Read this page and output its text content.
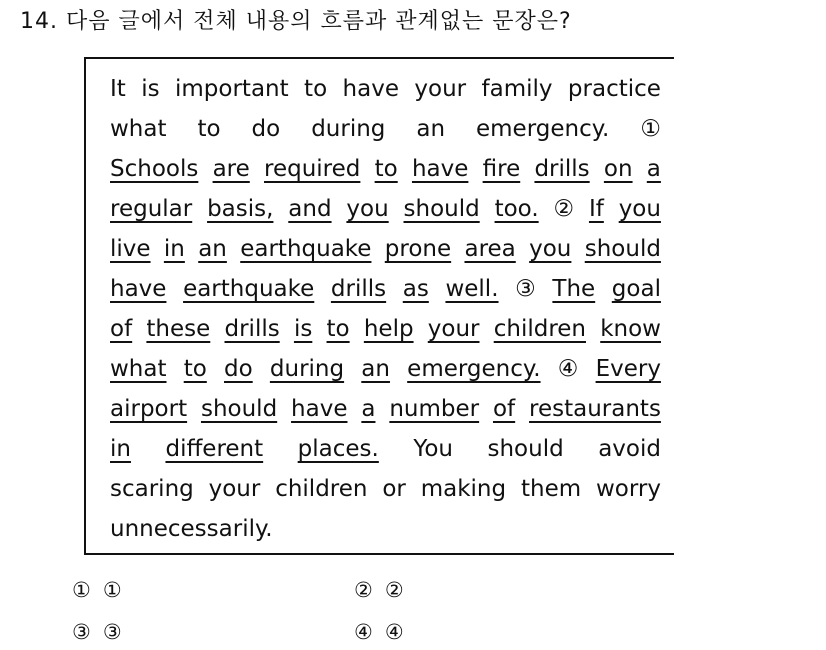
14. 다음 글에서 전체 내용의 흐름과 관계없는 문장은?
It is important to have your family practice
what to do during an emergency. ①
Schools are required to have fire drills on a
regular basis, and you should too. ② If you
live in an earthquake prone area you should
have earthquake drills as well. ③ The goal
of these drills is to help your children know
what to do during an emergency. ④ Every
airport should have a number of restaurants
in different places. You should avoid
scaring your children or making them worry
unnecessarily.
① ①	② ②
③ ③	④ ④
